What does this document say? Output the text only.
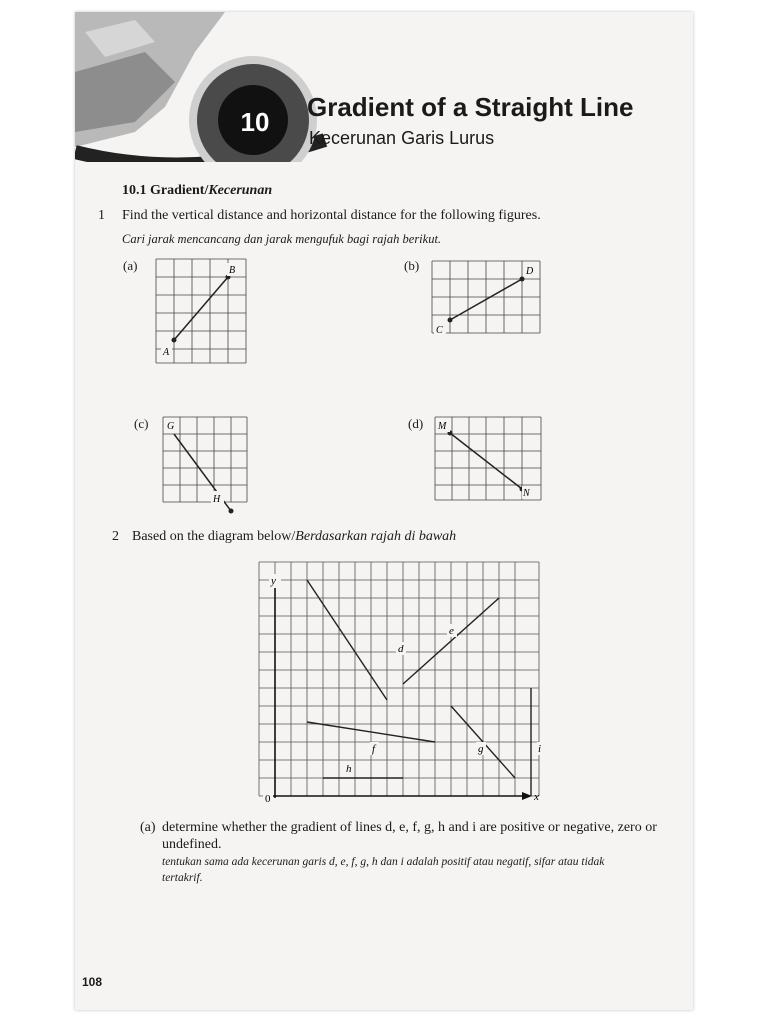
10	Gradient of a Straight Line
Kecerunan Garis Lurus
10.1 Gradient/Kecerunan
1 Find the vertical distance and horizontal distance for the following figures.
Cari jarak mencancang dan jarak mengufuk bagi rajah berikut.
(a)
A
B	(b)
C
D
(c) G
H
(d) M
N
2 Based on the diagram below/Berdasarkan rajah di bawah
y
x
0
d
e
f	g
h
i
(a) determine whether the gradient of lines d, e, f, g, h and i are positive or negative, zero or
undefined.
tentukan sama ada kecerunan garis d, e, f, g, h dan i adalah positif atau negatif, sifar atau tidak
tertakrif.
108
